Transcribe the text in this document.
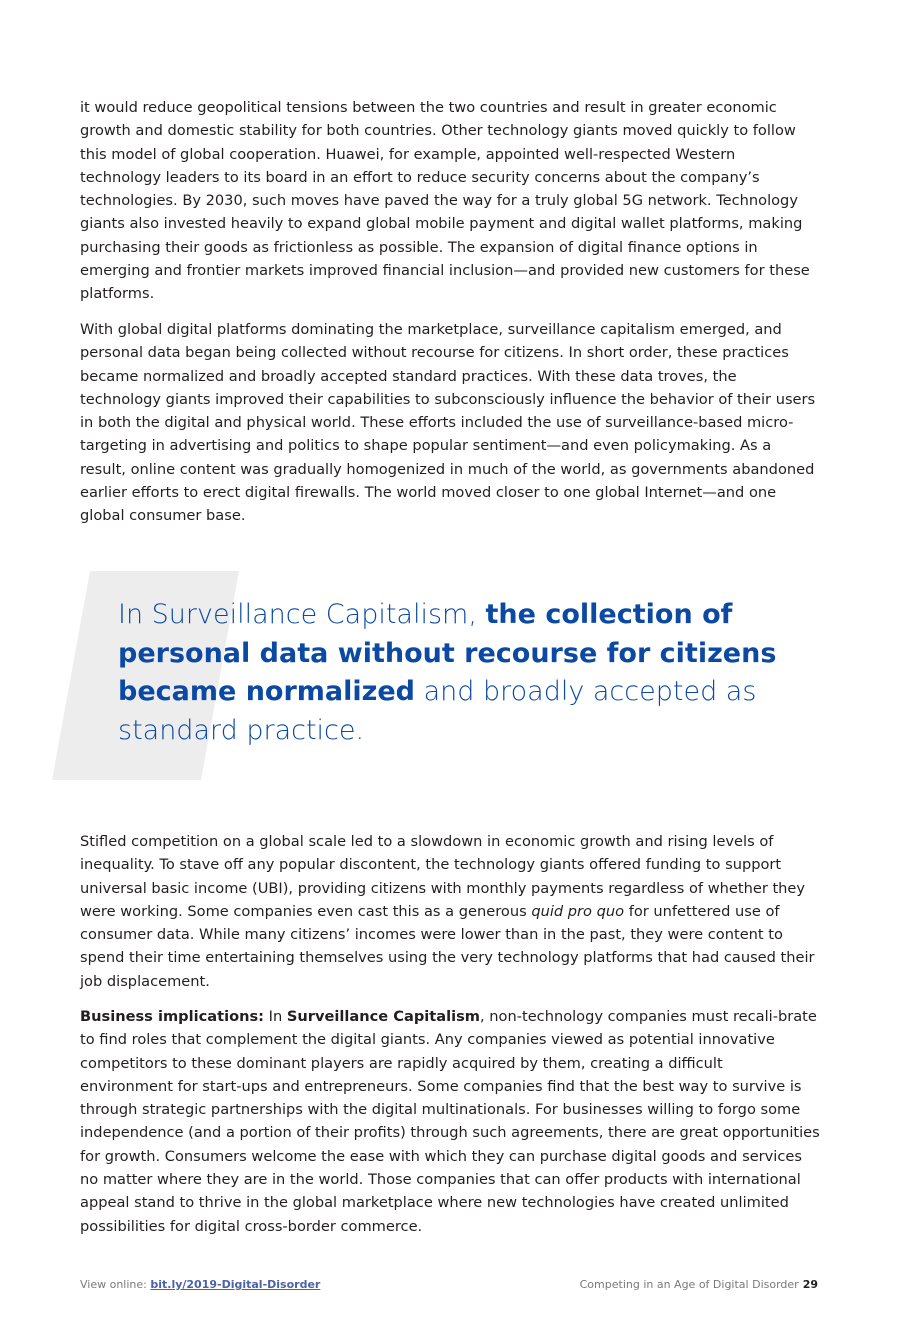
it would reduce geopolitical tensions between the two countries and result in greater economic growth and domestic stability for both countries. Other technology giants moved quickly to follow this model of global cooperation. Huawei, for example, appointed well-respected Western technology leaders to its board in an effort to reduce security concerns about the company’s technologies. By 2030, such moves have paved the way for a truly global 5G network. Technology giants also invested heavily to expand global mobile payment and digital wallet platforms, making purchasing their goods as frictionless as possible. The expansion of digital finance options in emerging and frontier markets improved financial inclusion—and provided new customers for these platforms.

With global digital platforms dominating the marketplace, surveillance capitalism emerged, and personal data began being collected without recourse for citizens. In short order, these practices became normalized and broadly accepted standard practices. With these data troves, the technology giants improved their capabilities to subconsciously influence the behavior of their users in both the digital and physical world. These efforts included the use of surveillance-based micro-targeting in advertising and politics to shape popular sentiment—and even policymaking. As a result, online content was gradually homogenized in much of the world, as governments abandoned earlier efforts to erect digital firewalls. The world moved closer to one global Internet—and one global consumer base.

In Surveillance Capitalism, the collection of personal data without recourse for citizens became normalized and broadly accepted as standard practice.

Stifled competition on a global scale led to a slowdown in economic growth and rising levels of inequality. To stave off any popular discontent, the technology giants offered funding to support universal basic income (UBI), providing citizens with monthly payments regardless of whether they were working. Some companies even cast this as a generous quid pro quo for unfettered use of consumer data. While many citizens’ incomes were lower than in the past, they were content to spend their time entertaining themselves using the very technology platforms that had caused their job displacement.

Business implications: In Surveillance Capitalism, non-technology companies must recali-brate to find roles that complement the digital giants. Any companies viewed as potential innovative competitors to these dominant players are rapidly acquired by them, creating a difficult environment for start-ups and entrepreneurs. Some companies find that the best way to survive is through strategic partnerships with the digital multinationals. For businesses willing to forgo some independence (and a portion of their profits) through such agreements, there are great opportunities for growth. Consumers welcome the ease with which they can purchase digital goods and services no matter where they are in the world. Those companies that can offer products with international appeal stand to thrive in the global marketplace where new technologies have created unlimited possibilities for digital cross-border commerce.

View online: bit.ly/2019-Digital-Disorder	Competing in an Age of Digital Disorder 29
